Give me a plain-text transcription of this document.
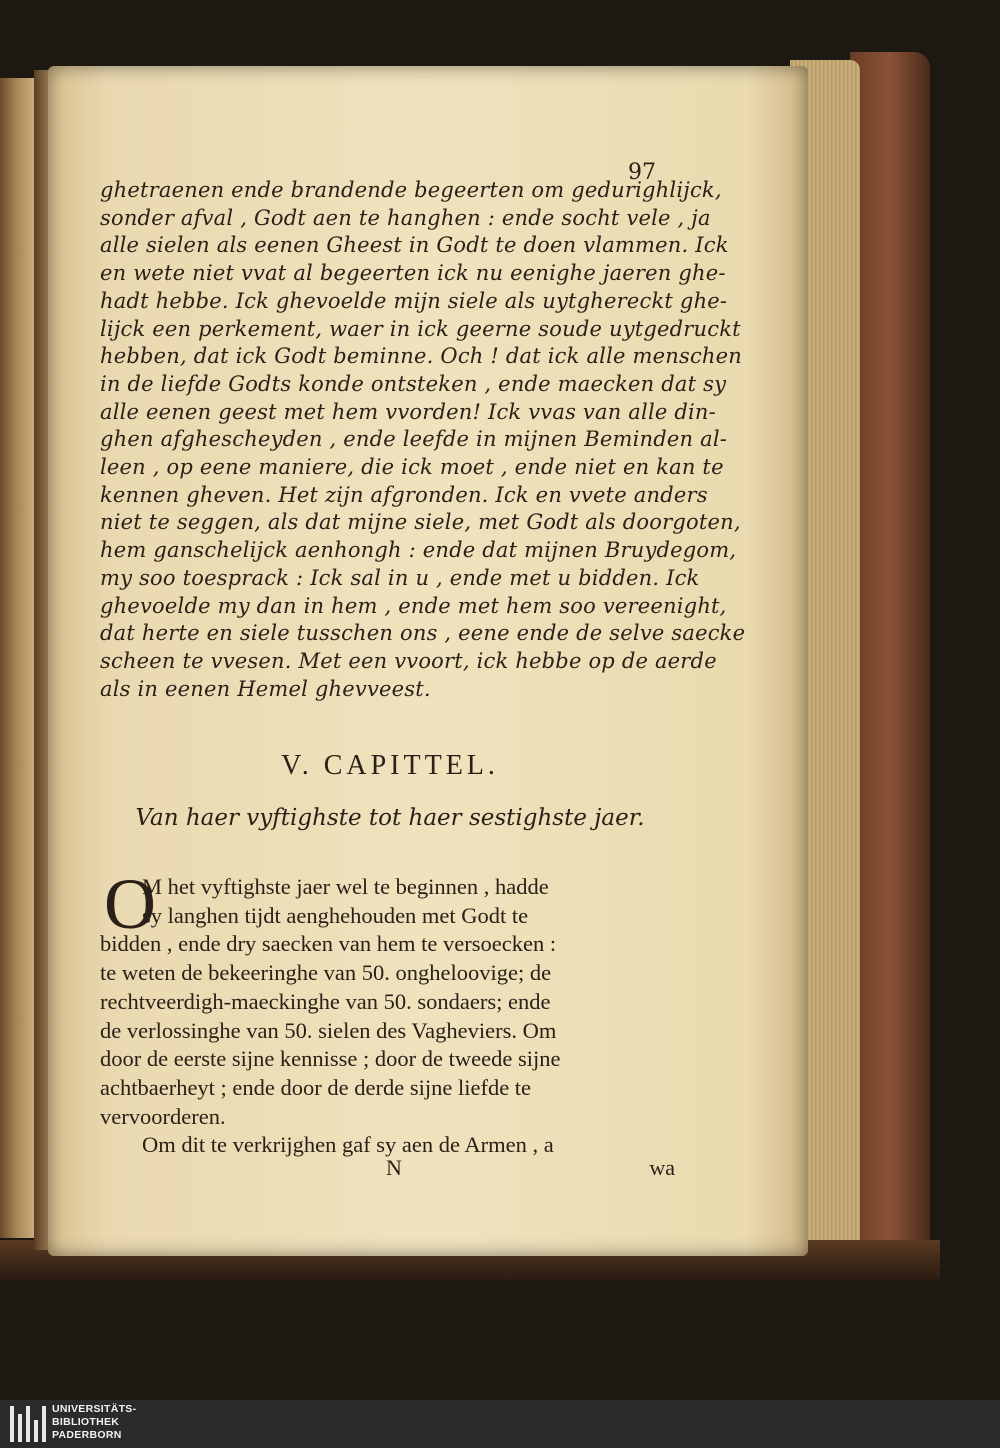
97
ghetraenen ende brandende begeerten om gedurighlijck,
sonder afval , Godt aen te hanghen : ende socht vele , ja
alle sielen als eenen Gheest in Godt te doen vlammen. Ick
en wete niet vvat al begeerten ick nu eenighe jaeren ghe-
hadt hebbe. Ick ghevoelde mijn siele als uytghereckt ghe-
lijck een perkement, waer in ick geerne soude uytgedruckt
hebben, dat ick Godt beminne. Och ! dat ick alle menschen
in de liefde Godts konde ontsteken , ende maecken dat sy
alle eenen geest met hem vvorden! Ick vvas van alle din-
ghen afghescheyden , ende leefde in mijnen Beminden al-
leen , op eene maniere, die ick moet , ende niet en kan te
kennen gheven. Het zijn afgronden. Ick en vvete anders
niet te seggen, als dat mijne siele, met Godt als doorgoten,
hem ganschelijck aenhongh : ende dat mijnen Bruydegom,
my soo toesprack : Ick sal in u , ende met u bidden. Ick
ghevoelde my dan in hem , ende met hem soo vereenight,
dat herte en siele tusschen ons , eene ende de selve saecke
scheen te vvesen. Met een vvoort, ick hebbe op de aerde
als in eenen Hemel ghevveest.
V. CAPITTEL.
Van haer vyftighste tot haer sestighste jaer.
O
M het vyftighste jaer wel te beginnen , hadde
sy langhen tijdt aenghehouden met Godt te
bidden , ende dry saecken van hem te versoecken :
te weten de bekeeringhe van 50. ongheloovige; de
rechtveerdigh-maeckinghe van 50. sondaers; ende
de verlossinghe van 50. sielen des Vagheviers. Om
door de eerste sijne kennisse ; door de tweede sijne
achtbaerheyt ; ende door de derde sijne liefde te
vervoorderen.
Om dit te verkrijghen gaf sy aen de Armen , a
N	wa
UNIVERSITÄTS-
BIBLIOTHEK
PADERBORN
